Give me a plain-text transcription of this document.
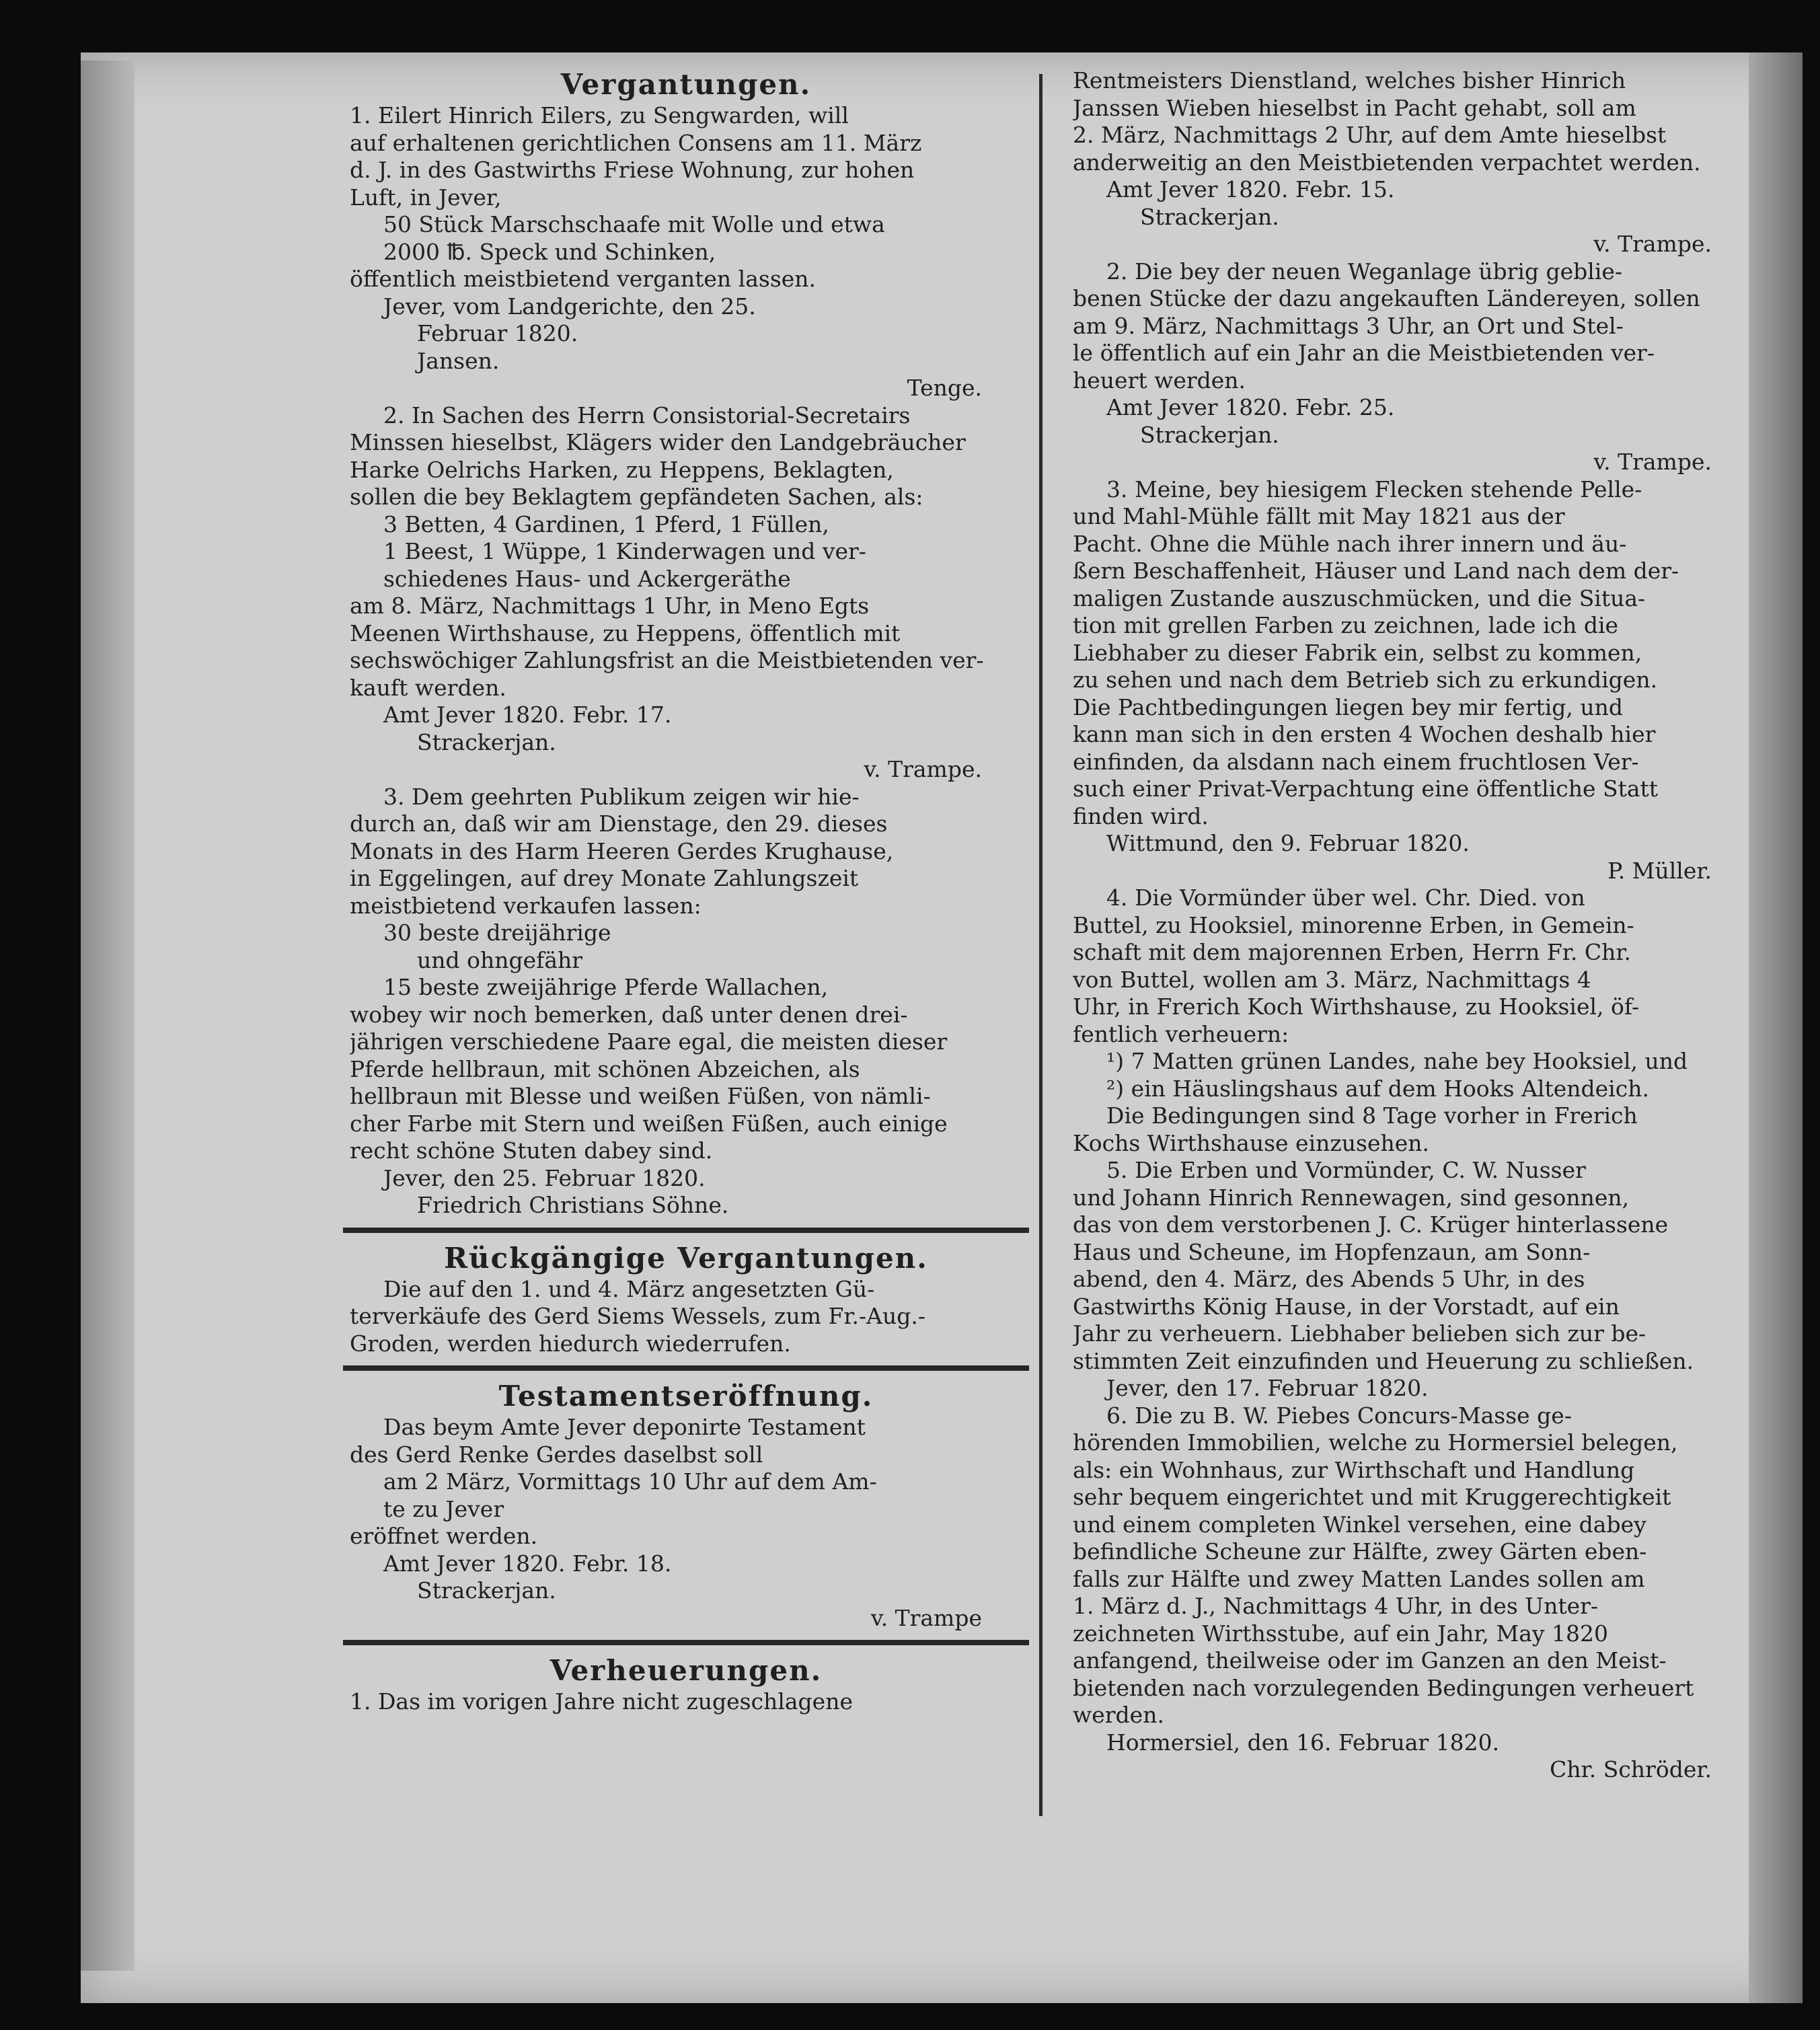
Vergantungen.
1. Eilert Hinrich Eilers, zu Sengwarden, will
auf erhaltenen gerichtlichen Consens am 11. März
d. J. in des Gastwirths Friese Wohnung, zur hohen
Luft, in Jever,
50 Stück Marschschaafe mit Wolle und etwa
2000 ℔. Speck und Schinken,
öffentlich meistbietend verganten lassen.
Jever, vom Landgerichte, den 25.
Februar 1820.
Jansen.
Tenge.
2. In Sachen des Herrn Consistorial-Secretairs
Minssen hieselbst, Klägers wider den Landgebräucher
Harke Oelrichs Harken, zu Heppens, Beklagten,
sollen die bey Beklagtem gepfändeten Sachen, als:
3 Betten, 4 Gardinen, 1 Pferd, 1 Füllen,
1 Beest, 1 Wüppe, 1 Kinderwagen und ver-
schiedenes Haus- und Ackergeräthe
am 8. März, Nachmittags 1 Uhr, in Meno Egts
Meenen Wirthshause, zu Heppens, öffentlich mit
sechswöchiger Zahlungsfrist an die Meistbietenden ver-
kauft werden.
Amt Jever 1820. Febr. 17.
Strackerjan.
v. Trampe.
3. Dem geehrten Publikum zeigen wir hie-
durch an, daß wir am Dienstage, den 29. dieses
Monats in des Harm Heeren Gerdes Krughause,
in Eggelingen, auf drey Monate Zahlungszeit
meistbietend verkaufen lassen:
30 beste dreijährige
und ohngefähr
15 beste zweijährige Pferde Wallachen,
wobey wir noch bemerken, daß unter denen drei-
jährigen verschiedene Paare egal, die meisten dieser
Pferde hellbraun, mit schönen Abzeichen, als
hellbraun mit Blesse und weißen Füßen, von nämli-
cher Farbe mit Stern und weißen Füßen, auch einige
recht schöne Stuten dabey sind.
Jever, den 25. Februar 1820.
Friedrich Christians Söhne.
Rückgängige Vergantungen.
Die auf den 1. und 4. März angesetzten Gü-
terverkäufe des Gerd Siems Wessels, zum Fr.-Aug.-
Groden, werden hiedurch wiederrufen.
Testamentseröffnung.
Das beym Amte Jever deponirte Testament
des Gerd Renke Gerdes daselbst soll
am 2 März, Vormittags 10 Uhr auf dem Am-
te zu Jever
eröffnet werden.
Amt Jever 1820. Febr. 18.
Strackerjan.
v. Trampe
Verheuerungen.
1. Das im vorigen Jahre nicht zugeschlagene
Rentmeisters Dienstland, welches bisher Hinrich
Janssen Wieben hieselbst in Pacht gehabt, soll am
2. März, Nachmittags 2 Uhr, auf dem Amte hieselbst
anderweitig an den Meistbietenden verpachtet werden.
Amt Jever 1820. Febr. 15.
Strackerjan.
v. Trampe.
2. Die bey der neuen Weganlage übrig geblie-
benen Stücke der dazu angekauften Ländereyen, sollen
am 9. März, Nachmittags 3 Uhr, an Ort und Stel-
le öffentlich auf ein Jahr an die Meistbietenden ver-
heuert werden.
Amt Jever 1820. Febr. 25.
Strackerjan.
v. Trampe.
3. Meine, bey hiesigem Flecken stehende Pelle-
und Mahl-Mühle fällt mit May 1821 aus der
Pacht. Ohne die Mühle nach ihrer innern und äu-
ßern Beschaffenheit, Häuser und Land nach dem der-
maligen Zustande auszuschmücken, und die Situa-
tion mit grellen Farben zu zeichnen, lade ich die
Liebhaber zu dieser Fabrik ein, selbst zu kommen,
zu sehen und nach dem Betrieb sich zu erkundigen.
Die Pachtbedingungen liegen bey mir fertig, und
kann man sich in den ersten 4 Wochen deshalb hier
einfinden, da alsdann nach einem fruchtlosen Ver-
such einer Privat-Verpachtung eine öffentliche Statt
finden wird.
Wittmund, den 9. Februar 1820.
P. Müller.
4. Die Vormünder über wel. Chr. Died. von
Buttel, zu Hooksiel, minorenne Erben, in Gemein-
schaft mit dem majorennen Erben, Herrn Fr. Chr.
von Buttel, wollen am 3. März, Nachmittags 4
Uhr, in Frerich Koch Wirthshause, zu Hooksiel, öf-
fentlich verheuern:
¹) 7 Matten grünen Landes, nahe bey Hooksiel, und
²) ein Häuslingshaus auf dem Hooks Altendeich.
Die Bedingungen sind 8 Tage vorher in Frerich
Kochs Wirthshause einzusehen.
5. Die Erben und Vormünder, C. W. Nusser
und Johann Hinrich Rennewagen, sind gesonnen,
das von dem verstorbenen J. C. Krüger hinterlassene
Haus und Scheune, im Hopfenzaun, am Sonn-
abend, den 4. März, des Abends 5 Uhr, in des
Gastwirths König Hause, in der Vorstadt, auf ein
Jahr zu verheuern. Liebhaber belieben sich zur be-
stimmten Zeit einzufinden und Heuerung zu schließen.
Jever, den 17. Februar 1820.
6. Die zu B. W. Piebes Concurs-Masse ge-
hörenden Immobilien, welche zu Hormersiel belegen,
als: ein Wohnhaus, zur Wirthschaft und Handlung
sehr bequem eingerichtet und mit Kruggerechtigkeit
und einem completen Winkel versehen, eine dabey
befindliche Scheune zur Hälfte, zwey Gärten eben-
falls zur Hälfte und zwey Matten Landes sollen am
1. März d. J., Nachmittags 4 Uhr, in des Unter-
zeichneten Wirthsstube, auf ein Jahr, May 1820
anfangend, theilweise oder im Ganzen an den Meist-
bietenden nach vorzulegenden Bedingungen verheuert
werden.
Hormersiel, den 16. Februar 1820.
Chr. Schröder.
